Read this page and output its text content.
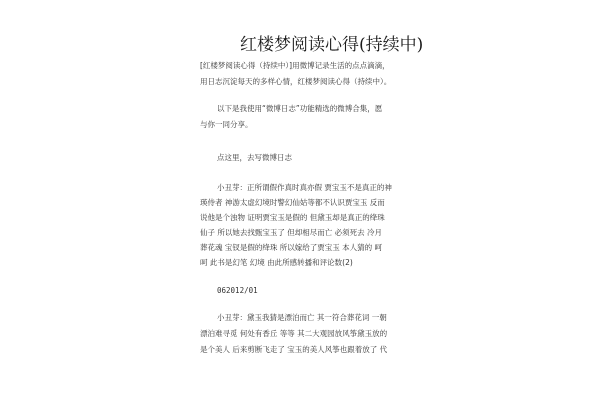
红楼梦阅读心得(持续中)
[红楼梦阅读心得（持续中）]用微博记录生活的点点滴滴，
用日志沉淀每天的多样心情，红楼梦阅读心得（持续中）。
以下是我使用“微博日志”功能精选的微博合集，愿
与你一同分享。
点这里，去写微博日志
小丑芽：正所谓假作真时真亦假 贾宝玉不是真正的神
瑛侍者 神游太虚幻境时警幻仙姑等都不认识贾宝玉 反而
说他是个浊物 证明贾宝玉是假的 但黛玉却是真正的绛珠
仙子 所以她去找甄宝玉了 但却相尽而亡 必须死去 冷月
葬花魂 宝钗是假的绛珠 所以嫁给了贾宝玉 本人猜的 呵
呵 此书是幻笔 幻境 由此所感转播和评论数(2)
062012/01
小丑芽：黛玉我猜是漂泊而亡 其一符合葬花词 一朝
漂泊难寻觅 何处有香丘 等等 其二大观园放风筝黛玉放的
是个美人 后来剪断飞走了 宝玉的美人风筝也跟着放了 代
